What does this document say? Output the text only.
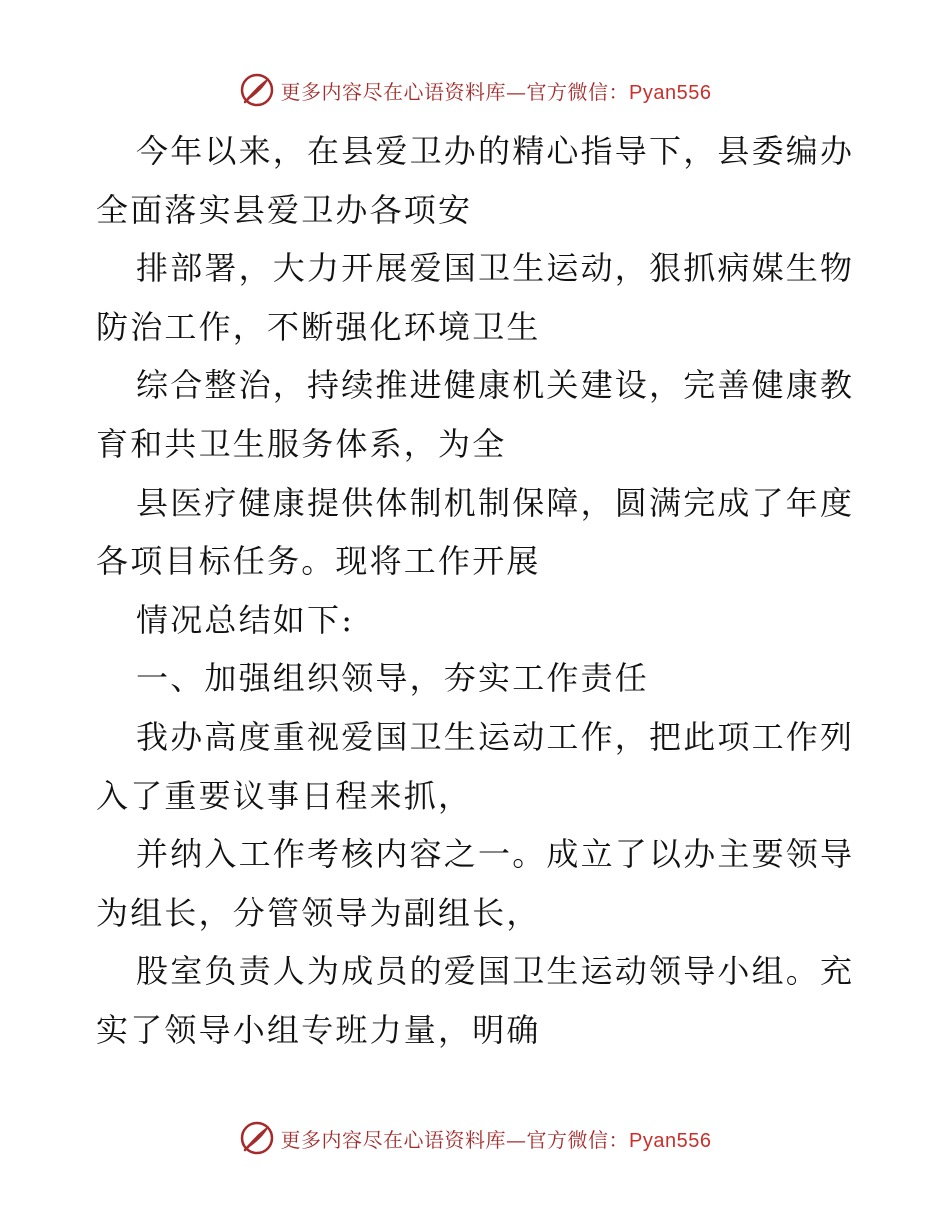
更多内容尽在心语资料库—官方微信：Pyan556
今年以来，在县爱卫办的精心指导下，县委编办
全面落实县爱卫办各项安
排部署，大力开展爱国卫生运动，狠抓病媒生物
防治工作，不断强化环境卫生
综合整治，持续推进健康机关建设，完善健康教
育和共卫生服务体系，为全
县医疗健康提供体制机制保障，圆满完成了年度
各项目标任务。现将工作开展
情况总结如下:
一、加强组织领导，夯实工作责任
我办高度重视爱国卫生运动工作，把此项工作列
入了重要议事日程来抓，
并纳入工作考核内容之一。成立了以办主要领导
为组长，分管领导为副组长，
股室负责人为成员的爱国卫生运动领导小组。充
实了领导小组专班力量，明确
更多内容尽在心语资料库—官方微信：Pyan556
